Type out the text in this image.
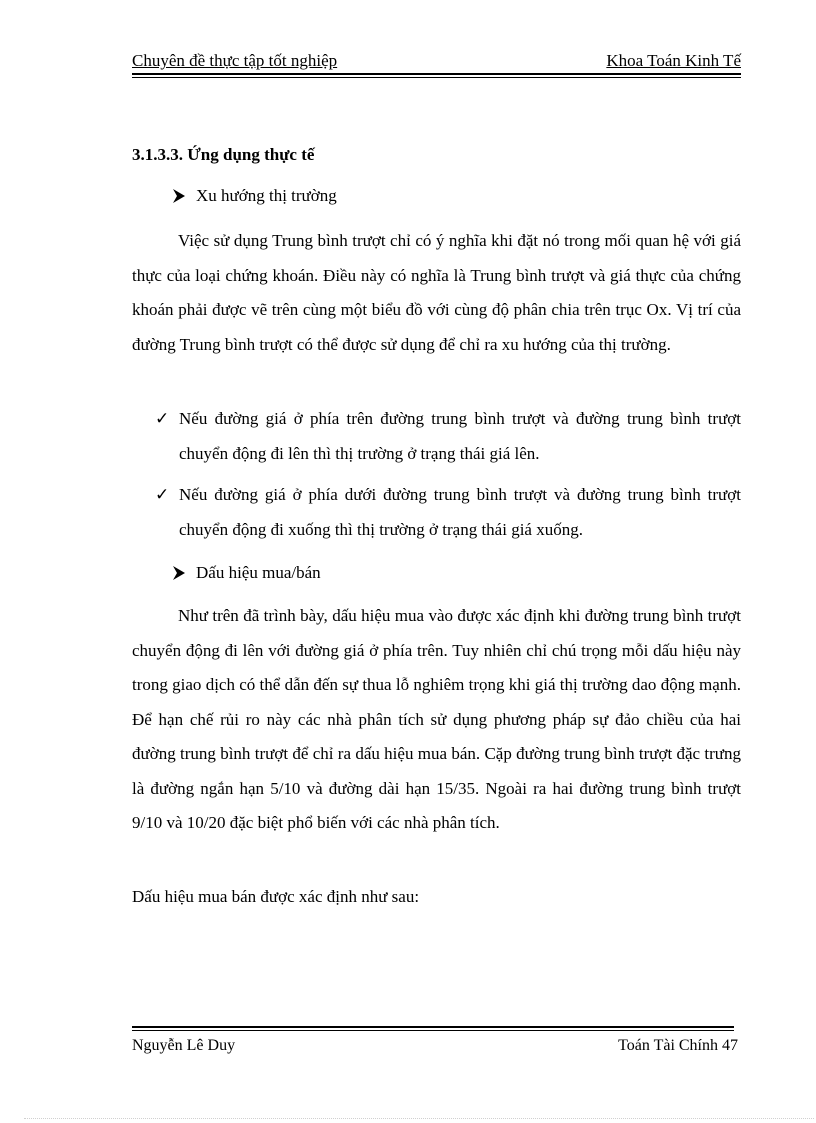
Chuyên đề thực tập tốt nghiệp	Khoa Toán Kinh Tế
3.1.3.3. Ứng dụng thực tế
Xu hướng thị trường

Việc sử dụng Trung bình trượt chỉ có ý nghĩa khi đặt nó trong mối quan hệ với giá thực của loại chứng khoán. Điều này có nghĩa là Trung bình trượt và giá thực của chứng khoán phải được vẽ trên cùng một biểu đồ với cùng độ phân chia trên trục Ox. Vị trí của đường Trung bình trượt có thể được sử dụng để chỉ ra xu hướng của thị trường.

✓ Nếu đường giá ở phía trên đường trung bình trượt và đường trung bình trượt chuyển động đi lên thì thị trường ở trạng thái giá lên.
✓ Nếu đường giá ở phía dưới đường trung bình trượt và đường trung bình trượt chuyển động đi xuống thì thị trường ở trạng thái giá xuống.
Dấu hiệu mua/bán

Như trên đã trình bày, dấu hiệu mua vào được xác định khi đường trung bình trượt chuyển động đi lên với đường giá ở phía trên. Tuy nhiên chỉ chú trọng mỗi dấu hiệu này trong giao dịch có thể dẫn đến sự thua lỗ nghiêm trọng khi giá thị trường dao động mạnh. Để hạn chế rủi ro này các nhà phân tích sử dụng phương pháp sự đảo chiều của hai đường trung bình trượt để chỉ ra dấu hiệu mua bán. Cặp đường trung bình trượt đặc trưng là đường ngắn hạn 5/10 và đường dài hạn 15/35. Ngoài ra hai đường trung bình trượt 9/10 và 10/20 đặc biệt phổ biến với các nhà phân tích.

Dấu hiệu mua bán được xác định như sau:
Nguyễn Lê Duy	Toán Tài Chính 47
